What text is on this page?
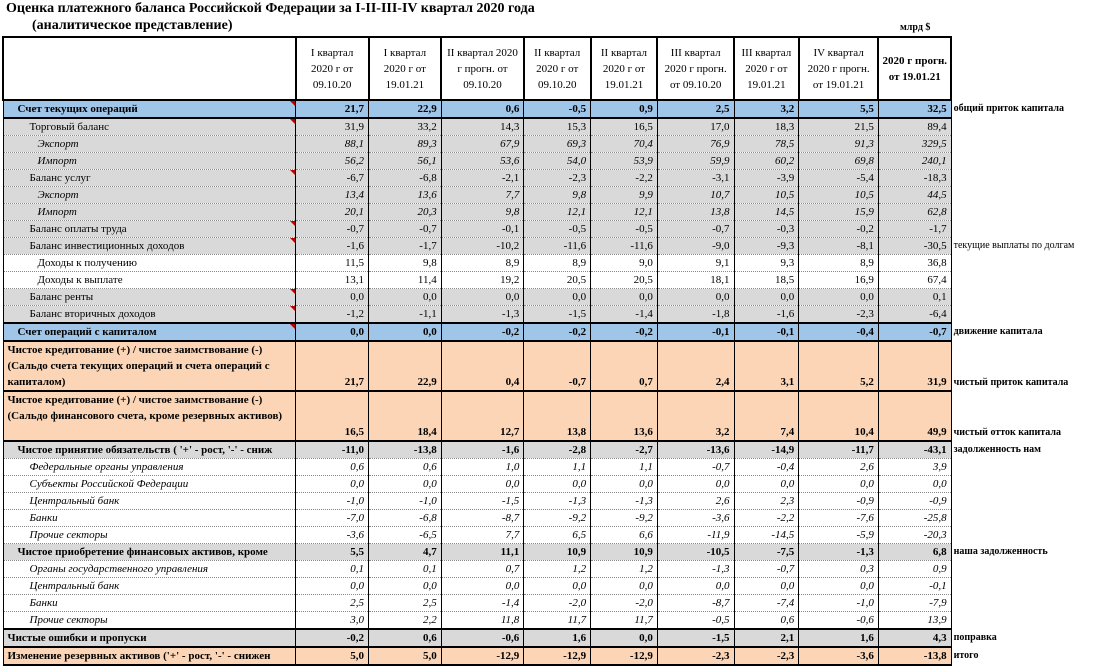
Оценка платежного баланса Российской Федерации за I-II-III-IV квартал 2020 года
(аналитическое представление)	млрд $
	I квартал 2020 г от 09.10.20	I квартал 2020 г от 19.01.21	II квартал 2020 г прогн. от 09.10.20	II квартал 2020 г от 09.10.20	II квартал 2020 г от 19.01.21	III квартал 2020 г прогн. от 09.10.20	III квартал 2020 г от 19.01.21	IV квартал 2020 г прогн. от 19.01.21	2020 г прогн. от 19.01.21	
Счет текущих операций	21,7	22,9	0,6	-0,5	0,9	2,5	3,2	5,5	32,5	общий приток капитала
Торговый баланс	31,9	33,2	14,3	15,3	16,5	17,0	18,3	21,5	89,4	
Экспорт	88,1	89,3	67,9	69,3	70,4	76,9	78,5	91,3	329,5	
Импорт	56,2	56,1	53,6	54,0	53,9	59,9	60,2	69,8	240,1	
Баланс услуг	-6,7	-6,8	-2,1	-2,3	-2,2	-3,1	-3,9	-5,4	-18,3	
Экспорт	13,4	13,6	7,7	9,8	9,9	10,7	10,5	10,5	44,5	
Импорт	20,1	20,3	9,8	12,1	12,1	13,8	14,5	15,9	62,8	
Баланс оплаты труда	-0,7	-0,7	-0,1	-0,5	-0,5	-0,7	-0,3	-0,2	-1,7	
Баланс инвестиционных доходов	-1,6	-1,7	-10,2	-11,6	-11,6	-9,0	-9,3	-8,1	-30,5	текущие выплаты по долгам
Доходы к получению	11,5	9,8	8,9	8,9	9,0	9,1	9,3	8,9	36,8	
Доходы к выплате	13,1	11,4	19,2	20,5	20,5	18,1	18,5	16,9	67,4	
Баланс ренты	0,0	0,0	0,0	0,0	0,0	0,0	0,0	0,0	0,1	
Баланс вторичных доходов	-1,2	-1,1	-1,3	-1,5	-1,4	-1,8	-1,6	-2,3	-6,4	
Счет операций с капиталом	0,0	0,0	-0,2	-0,2	-0,2	-0,1	-0,1	-0,4	-0,7	движение капитала
Чистое кредитование (+) / чистое заимствование (-) (Сальдо счета текущих операций и счета операций с капиталом)	21,7	22,9	0,4	-0,7	0,7	2,4	3,1	5,2	31,9	чистый приток капитала
Чистое кредитование (+) / чистое заимствование (-) (Сальдо финансового счета, кроме резервных активов)	16,5	18,4	12,7	13,8	13,6	3,2	7,4	10,4	49,9	чистый отток капитала
Чистое принятие обязательств ( '+' - рост, '-' - сниж	-11,0	-13,8	-1,6	-2,8	-2,7	-13,6	-14,9	-11,7	-43,1	задолженность нам
Федеральные органы управления	0,6	0,6	1,0	1,1	1,1	-0,7	-0,4	2,6	3,9	
Субъекты Российской Федерации	0,0	0,0	0,0	0,0	0,0	0,0	0,0	0,0	0,0	
Центральный банк	-1,0	-1,0	-1,5	-1,3	-1,3	2,6	2,3	-0,9	-0,9	
Банки	-7,0	-6,8	-8,7	-9,2	-9,2	-3,6	-2,2	-7,6	-25,8	
Прочие секторы	-3,6	-6,5	7,7	6,5	6,6	-11,9	-14,5	-5,9	-20,3	
Чистое приобретение финансовых активов, кроме	5,5	4,7	11,1	10,9	10,9	-10,5	-7,5	-1,3	6,8	наша задолженность
Органы государственного управления	0,1	0,1	0,7	1,2	1,2	-1,3	-0,7	0,3	0,9	
Центральный банк	0,0	0,0	0,0	0,0	0,0	0,0	0,0	0,0	-0,1	
Банки	2,5	2,5	-1,4	-2,0	-2,0	-8,7	-7,4	-1,0	-7,9	
Прочие секторы	3,0	2,2	11,8	11,7	11,7	-0,5	0,6	-0,6	13,9	
Чистые ошибки и пропуски	-0,2	0,6	-0,6	1,6	0,0	-1,5	2,1	1,6	4,3	поправка
Изменение резервных активов ('+' - рост, '-' - снижен	5,0	5,0	-12,9	-12,9	-12,9	-2,3	-2,3	-3,6	-13,8	итого
